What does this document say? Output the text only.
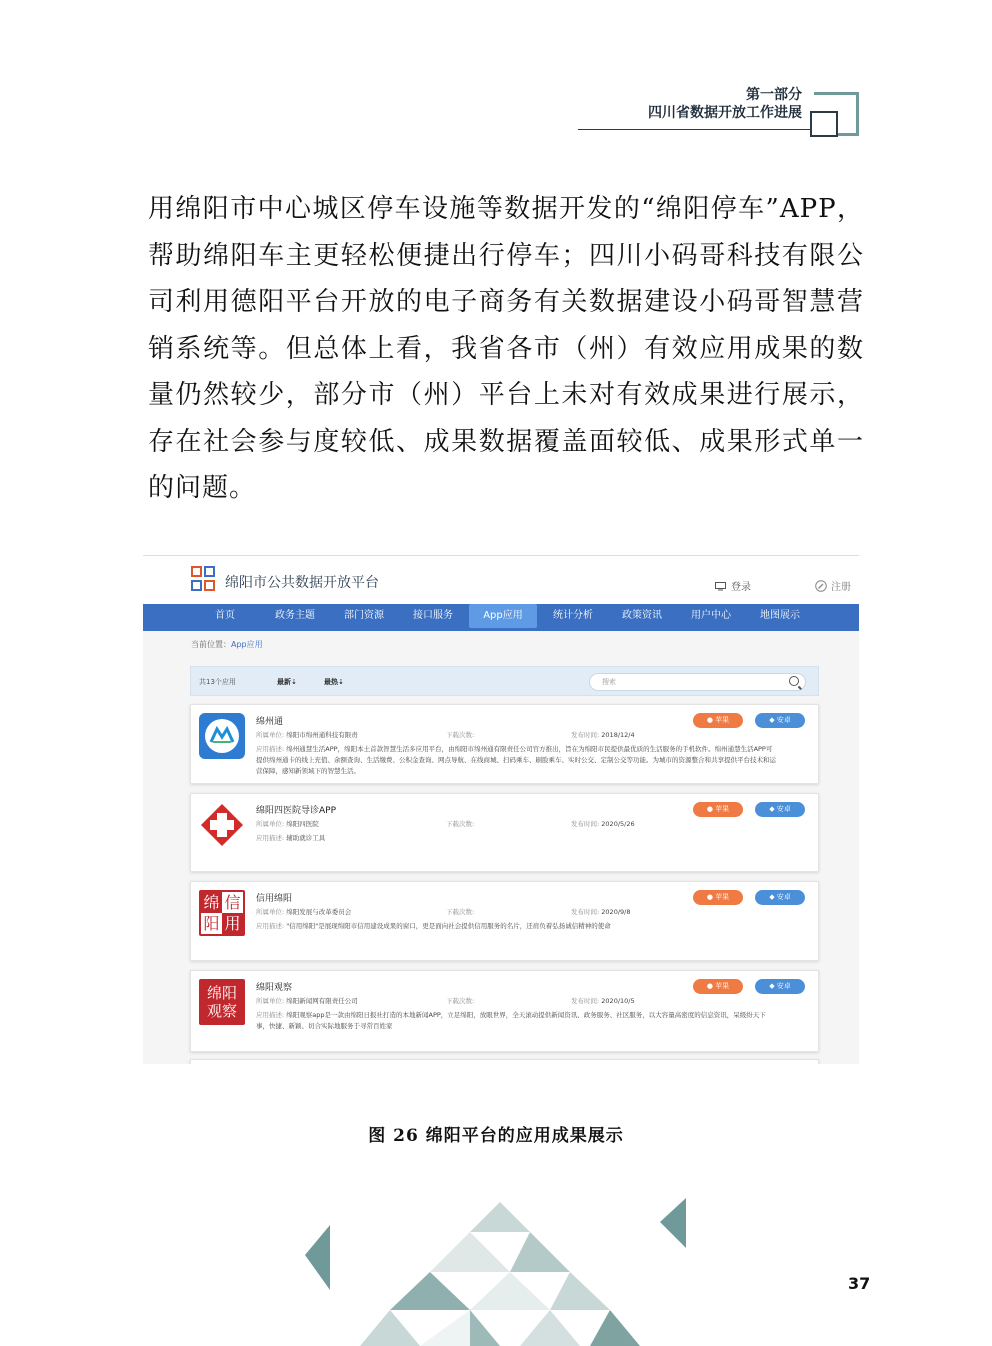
第一部分
四川省数据开放工作进展
用绵阳市中心城区停车设施等数据开发的“绵阳停车”APP，帮助绵阳车主更轻松便捷出行停车；四川小码哥科技有限公司利用德阳平台开放的电子商务有关数据建设小码哥智慧营销系统等。但总体上看，我省各市（州）有效应用成果的数量仍然较少，部分市（州）平台上未对有效成果进行展示，存在社会参与度较低、成果数据覆盖面较低、成果形式单一的问题。
绵阳市公共数据开放平台	登录	注册
首页	政务主题	部门资源	接口服务	App应用	统计分析	政策资讯	用户中心	地图展示
当前位置：App应用
共13个应用	最新⇣	最热⇣	搜索
绵州通
所属单位: 绵阳市绵州通科技有限责	下载次数:	发布时间: 2018/12/4
应用描述: 绵州通慧生活APP，绵阳本土首款智慧生活多应用平台，由绵阳市绵州通有限责任公司官方推出，旨在为绵阳市民提供最优质的生活服务的手机软件。绵州通慧生活APP可提供绵州通卡的线上充值、余额查询、生活缴费、公积金查询、网点导航、在线商城、扫码乘车、刷脸乘车、实时公交、定制公交等功能。为城市的资源整合和共享提供平台技术和运营保障，感知新领域下的智慧生活。
● 苹果	◆ 安卓
绵阳四医院导诊APP
所属单位: 绵阳四医院	下载次数:	发布时间: 2020/5/26
应用描述: 辅助就诊工具
● 苹果	◆ 安卓
绵 信
阳 用
信用绵阳
所属单位: 绵阳发展与改革委员会	下载次数:	发布时间: 2020/9/8
应用描述: "信用绵阳"是展现绵阳市信用建设成果的窗口，更是面向社会提供信用服务的名片，还肩负着弘扬诚信精神的使命
● 苹果	◆ 安卓
绵阳
观察
绵阳观察
所属单位: 绵阳新闻网有限责任公司	下载次数:	发布时间: 2020/10/5
应用描述: 绵阳观察app是一款由绵阳日报社打造的本地新闻APP，立足绵阳，放眼世界，全天滚动提供新闻资讯、政务服务、社区服务，以大容量高密度的信息资讯，呆级纷天下事，快捷、新颖、切合实际地服务于寻常百姓家
● 苹果	◆ 安卓
图 26 绵阳平台的应用成果展示
37
